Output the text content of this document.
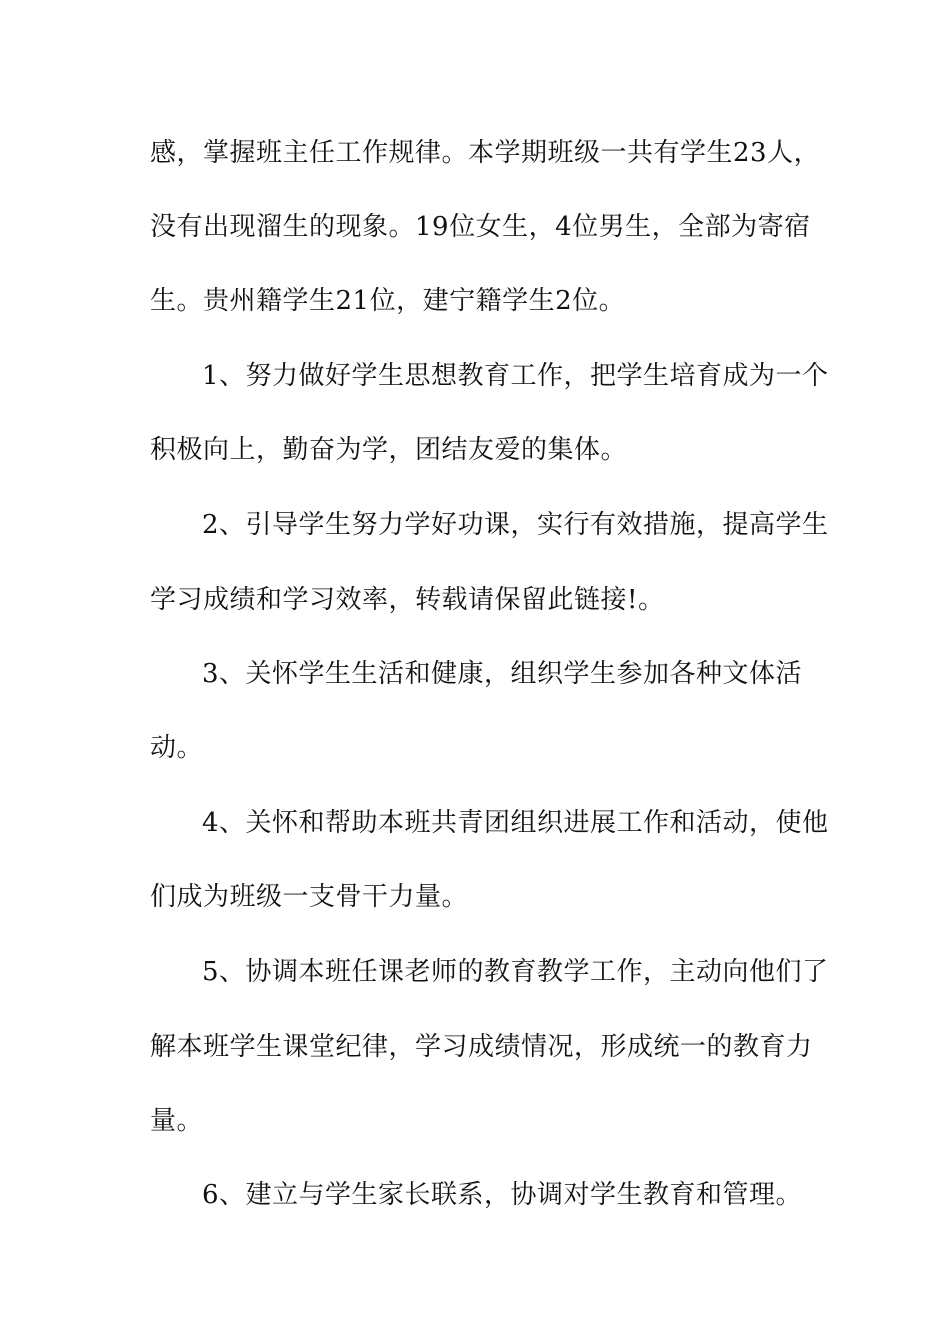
感，掌握班主任工作规律。本学期班级一共有学生23人，
没有出现溜生的现象。19位女生，4位男生，全部为寄宿
生。贵州籍学生21位，建宁籍学生2位。
1、努力做好学生思想教育工作，把学生培育成为一个
积极向上，勤奋为学，团结友爱的集体。
2、引导学生努力学好功课，实行有效措施，提高学生
学习成绩和学习效率，转载请保留此链接!。
3、关怀学生生活和健康，组织学生参加各种文体活
动。
4、关怀和帮助本班共青团组织进展工作和活动，使他
们成为班级一支骨干力量。
5、协调本班任课老师的教育教学工作，主动向他们了
解本班学生课堂纪律，学习成绩情况，形成统一的教育力
量。
6、建立与学生家长联系，协调对学生教育和管理。
